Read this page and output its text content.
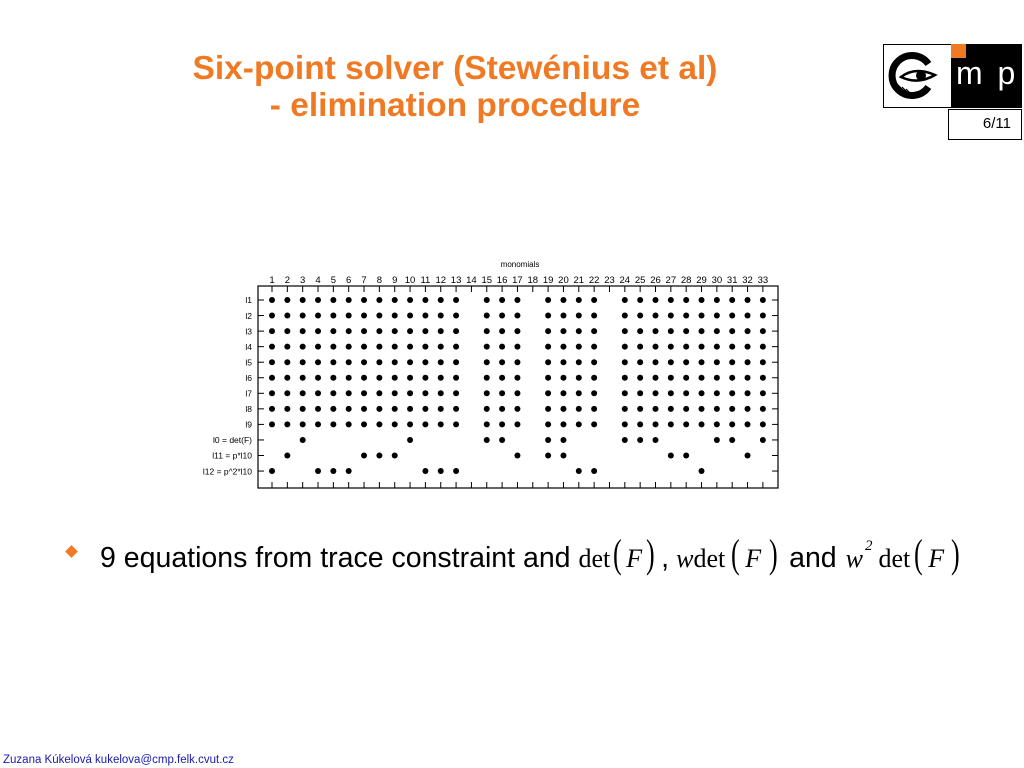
Six-point solver (Stewénius et al)
- elimination procedure
m p
6/11
monomials
1 2 3 4 5 6 7 8 9 10 11 12 13 14 15 16 17 18 19 20 21 22 23 24 25 26 27 28 29 30 31 32 33
l1
l2
l3
l4
l5
l6
l7
l8
l9
l0 = det(F)
l11 = p*l10
l12 = p^2*l10
9 equations from trace constraint and det ( F ) , w det ( F ) and w 2 det ( F )
Zuzana Kúkelová kukelova@cmp.felk.cvut.cz
